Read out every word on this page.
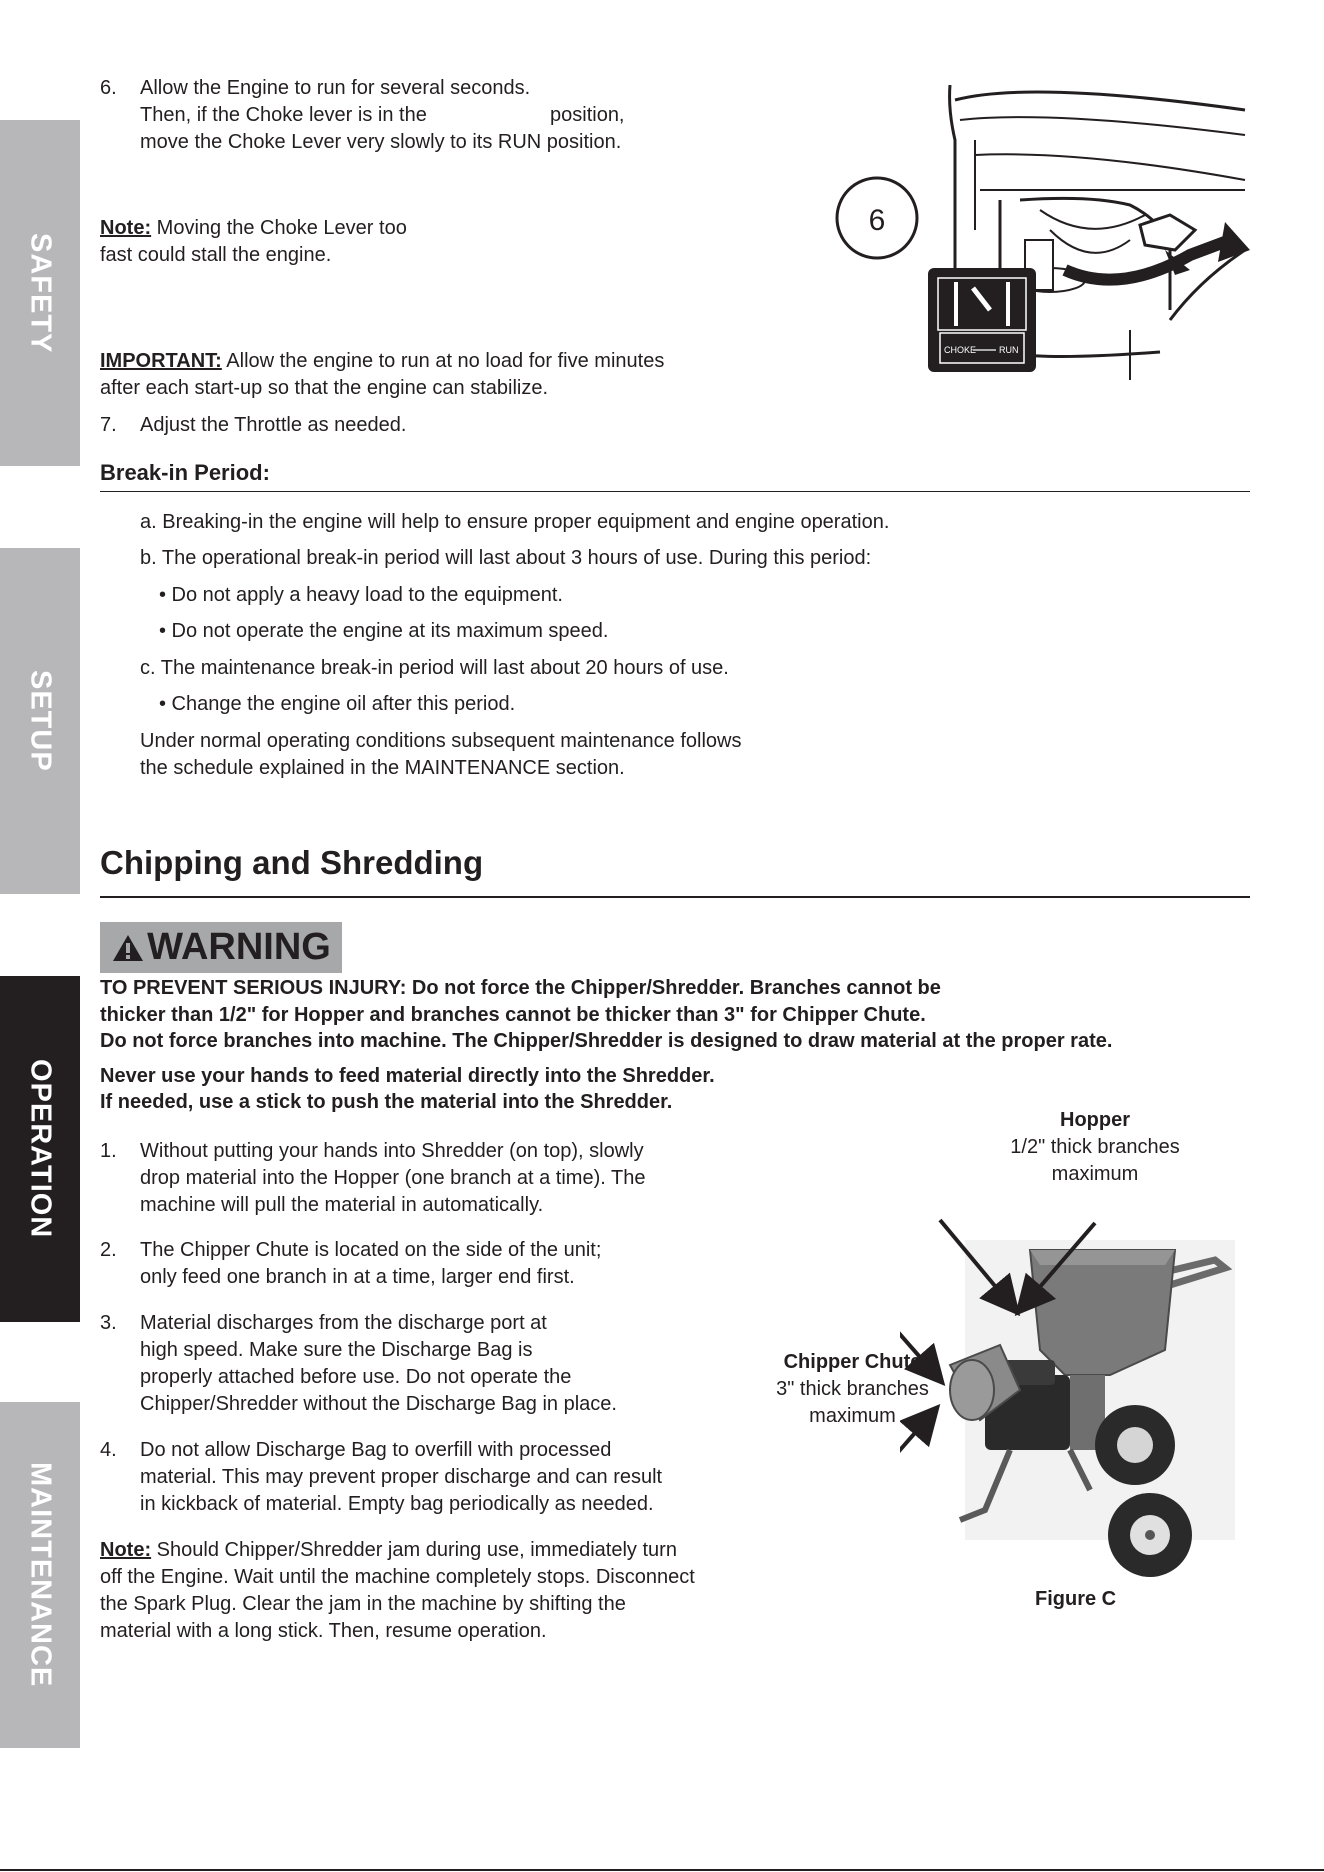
SAFETY
SETUP
OPERATION
MAINTENANCE
6. Allow the Engine to run for several seconds.
Then, if the Choke lever is in the	position,
move the Choke Lever very slowly to its RUN position.
Note: Moving the Choke Lever too
fast could stall the engine.
IMPORTANT: Allow the engine to run at no load for five minutes
after each start-up so that the engine can stabilize.
7. Adjust the Throttle as needed.
6
CHOKE	RUN
Break-in Period:
a. Breaking-in the engine will help to ensure proper equipment and engine operation.
b. The operational break-in period will last about 3 hours of use. During this period:
• Do not apply a heavy load to the equipment.
• Do not operate the engine at its maximum speed.
c. The maintenance break-in period will last about 20 hours of use.
• Change the engine oil after this period.
Under normal operating conditions subsequent maintenance follows
the schedule explained in the MAINTENANCE section.
Chipping and Shredding
WARNING
TO PREVENT SERIOUS INJURY: Do not force the Chipper/Shredder. Branches cannot be
thicker than 1/2" for Hopper and branches cannot be thicker than 3" for Chipper Chute.
Do not force branches into machine. The Chipper/Shredder is designed to draw material at the proper rate.
Never use your hands to feed material directly into the Shredder.
If needed, use a stick to push the material into the Shredder.
1. Without putting your hands into Shredder (on top), slowly
drop material into the Hopper (one branch at a time). The
machine will pull the material in automatically.
2. The Chipper Chute is located on the side of the unit;
only feed one branch in at a time, larger end first.
3. Material discharges from the discharge port at
high speed. Make sure the Discharge Bag is
properly attached before use. Do not operate the
Chipper/Shredder without the Discharge Bag in place.
4. Do not allow Discharge Bag to overfill with processed
material. This may prevent proper discharge and can result
in kickback of material. Empty bag periodically as needed.
Note: Should Chipper/Shredder jam during use, immediately turn
off the Engine. Wait until the machine completely stops. Disconnect
the Spark Plug. Clear the jam in the machine by shifting the
material with a long stick. Then, resume operation.
Hopper
1/2" thick branches
maximum
Chipper Chute
3" thick branches
maximum
Figure C
